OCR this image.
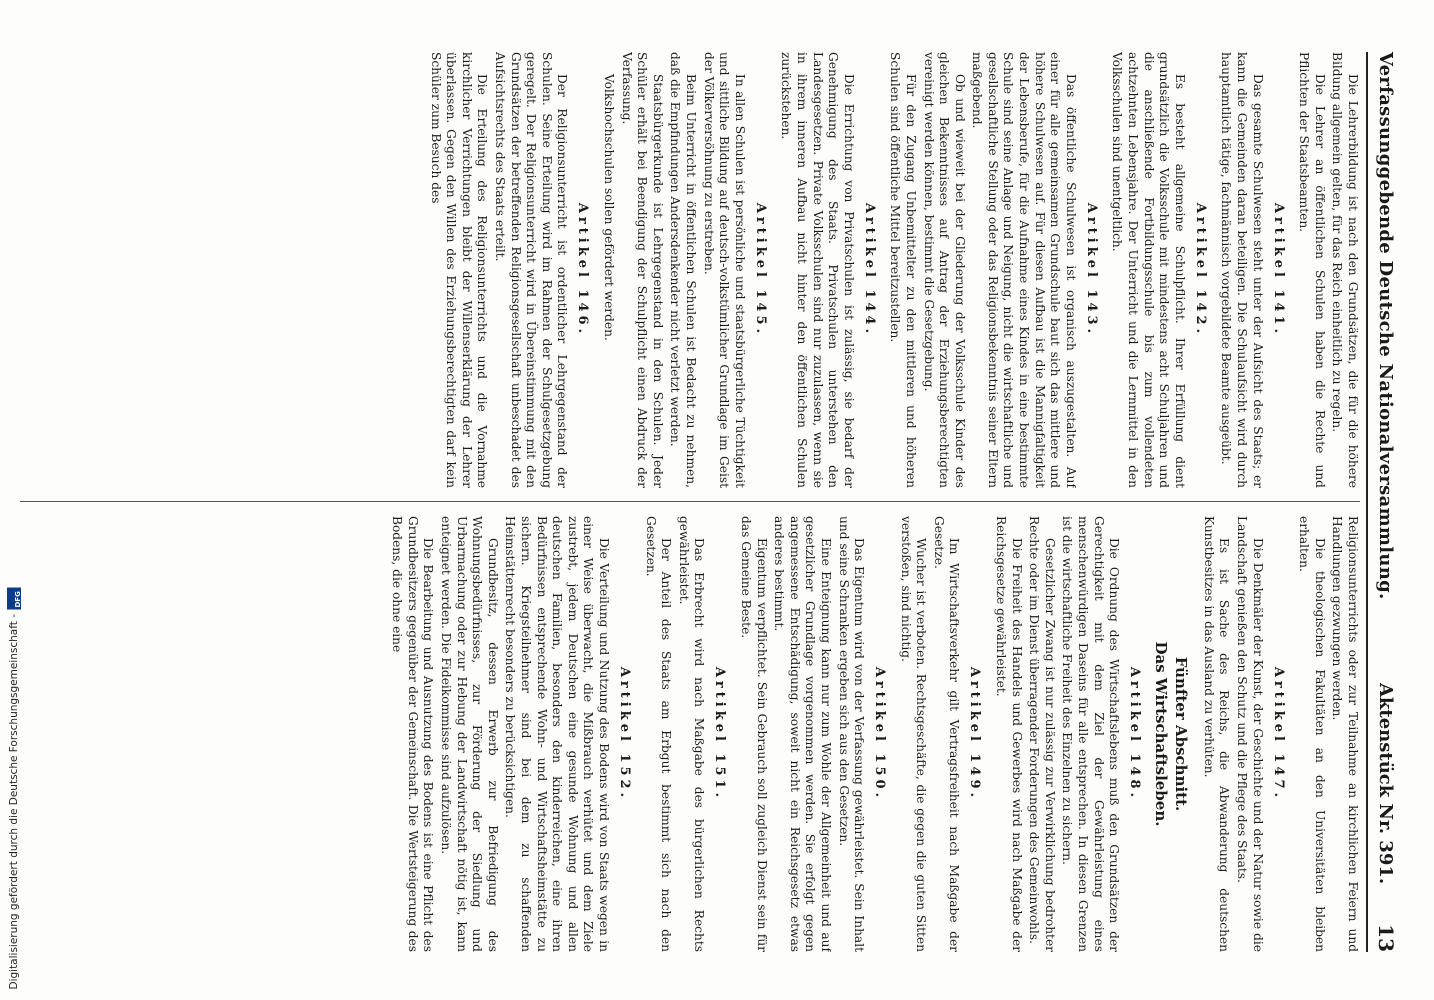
Verfassunggebende Deutsche Nationalversammlung.
Aktenstück Nr. 391.
13

Die Lehrerbildung ist nach den Grundsätzen, die für die höhere Bildung allgemein gelten, für das Reich einheitlich zu regeln.

Die Lehrer an öffentlichen Schulen haben die Rechte und Pflichten der Staatsbeamten.

Artikel 141.

Das gesamte Schulwesen steht unter der Aufsicht des Staats; er kann die Gemeinden daran beteiligen. Die Schulaufsicht wird durch hauptamtlich tätige, fachmännisch vorgebildete Beamte ausgeübt.

Artikel 142.

Es besteht allgemeine Schulpflicht. Ihrer Erfüllung dient grundsätzlich die Volksschule mit mindestens acht Schuljahren und die anschließende Fortbildungsschule bis zum vollendeten achtzehnten Lebensjahre. Der Unterricht und die Lernmittel in den Volksschulen sind unentgeltlich.

Artikel 143.

Das öffentliche Schulwesen ist organisch auszugestalten. Auf einer für alle gemeinsamen Grundschule baut sich das mittlere und höhere Schulwesen auf. Für diesen Aufbau ist die Mannigfaltigkeit der Lebensberufe, für die Aufnahme eines Kindes in eine bestimmte Schule sind seine Anlage und Neigung, nicht die wirtschaftliche und gesellschaftliche Stellung oder das Religionsbekenntnis seiner Eltern maßgebend.

Ob und wieweit bei der Gliederung der Volksschule Kinder des gleichen Bekenntnisses auf Antrag der Erziehungsberechtigten vereinigt werden können, bestimmt die Gesetzgebung.

Für den Zugang Unbemittelter zu den mittleren und höheren Schulen sind öffentliche Mittel bereitzustellen.

Artikel 144.

Die Errichtung von Privatschulen ist zulässig, sie bedarf der Genehmigung des Staats. Privatschulen unterstehen den Landesgesetzen. Private Volksschulen sind nur zuzulassen, wenn sie in ihrem inneren Aufbau nicht hinter den öffentlichen Schulen zurückstehen.

Artikel 145.

In allen Schulen ist persönliche und staatsbürgerliche Tüchtigkeit und sittliche Bildung auf deutsch-volkstümlicher Grundlage im Geist der Völkerversöhnung zu erstreben.

Beim Unterricht in öffentlichen Schulen ist Bedacht zu nehmen, daß die Empfindungen Andersdenkender nicht verletzt werden.

Staatsbürgerkunde ist Lehrgegenstand in den Schulen. Jeder Schüler erhält bei Beendigung der Schulpflicht einen Abdruck der Verfassung.

Volkshochschulen sollen gefördert werden.

Artikel 146.

Der Religionsunterricht ist ordentlicher Lehrgegenstand der Schulen. Seine Erteilung wird im Rahmen der Schulgesetzgebung geregelt. Der Religionsunterricht wird in Übereinstimmung mit den Grundsätzen der betreffenden Religionsgesellschaft unbeschadet des Aufsichtsrechts des Staats erteilt.

Die Erteilung des Religionsunterrichts und die Vornahme kirchlicher Verrichtungen bleibt der Willenserklärung der Lehrer überlassen. Gegen den Willen des Erziehungsberechtigten darf kein Schüler zum Besuch des

Religionsunterrichts oder zur Teilnahme an kirchlichen Feiern und Handlungen gezwungen werden.

Die theologischen Fakultäten an den Universitäten bleiben erhalten.

Artikel 147.

Die Denkmäler der Kunst, der Geschichte und der Natur sowie die Landschaft genießen den Schutz und die Pflege des Staats.

Es ist Sache des Reichs, die Abwanderung deutschen Kunstbesitzes in das Ausland zu verhüten.

Fünfter Abschnitt.
Das Wirtschaftsleben.
Artikel 148.

Die Ordnung des Wirtschaftslebens muß den Grundsätzen der Gerechtigkeit mit dem Ziel der Gewährleistung eines menschenwürdigen Daseins für alle entsprechen. In diesen Grenzen ist die wirtschaftliche Freiheit des Einzelnen zu sichern.

Gesetzlicher Zwang ist nur zulässig zur Verwirklichung bedrohter Rechte oder im Dienst überragender Forderungen des Gemeinwohls.

Die Freiheit des Handels und Gewerbes wird nach Maßgabe der Reichsgesetze gewährleistet.

Artikel 149.

Im Wirtschaftsverkehr gilt Vertragsfreiheit nach Maßgabe der Gesetze.

Wucher ist verboten. Rechtsgeschäfte, die gegen die guten Sitten verstoßen, sind nichtig.

Artikel 150.

Das Eigentum wird von der Verfassung gewährleistet. Sein Inhalt und seine Schranken ergeben sich aus den Gesetzen.

Eine Enteignung kann nur zum Wohle der Allgemeinheit und auf gesetzlicher Grundlage vorgenommen werden. Sie erfolgt gegen angemessene Entschädigung, soweit nicht ein Reichsgesetz etwas anderes bestimmt.

Eigentum verpflichtet. Sein Gebrauch soll zugleich Dienst sein für das Gemeine Beste.

Artikel 151.

Das Erbrecht wird nach Maßgabe des bürgerlichen Rechts gewährleistet.

Der Anteil des Staats am Erbgut bestimmt sich nach den Gesetzen.

Artikel 152.

Die Verteilung und Nutzung des Bodens wird von Staats wegen in einer Weise überwacht, die Mißbrauch verhütet und dem Ziele zustrebt, jedem Deutschen eine gesunde Wohnung und allen deutschen Familien, besonders den kinderreichen, eine ihren Bedürfnissen entsprechende Wohn- und Wirtschaftsheimstätte zu sichern. Kriegsteilnehmer sind bei dem zu schaffenden Heimstättenrecht besonders zu berücksichtigen.

Grundbesitz, dessen Erwerb zur Befriedigung des Wohnungsbedürfnisses, zur Förderung der Siedlung und Urbarmachung oder zur Hebung der Landwirtschaft nötig ist, kann enteignet werden. Die Fideikommisse sind aufzulösen.

Die Bearbeitung und Ausnutzung des Bodens ist eine Pflicht des Grundbesitzers gegenüber der Gemeinschaft. Die Wertsteigerung des Bodens, die ohne eine

Digitalisierung gefördert durch die Deutsche Forschungsgemeinschaft -
DFG
